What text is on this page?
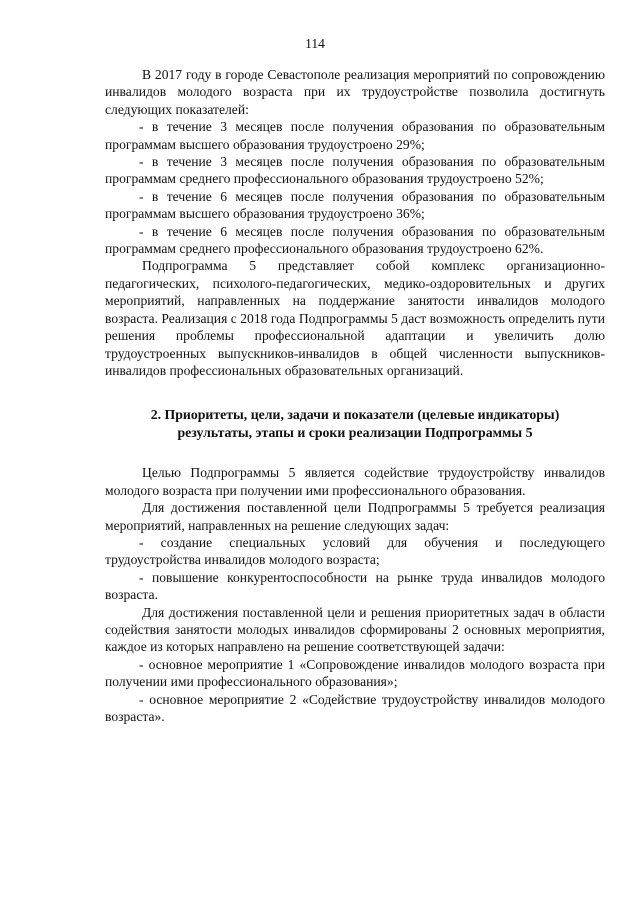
114

В 2017 году в городе Севастополе реализация мероприятий по сопровождению инвалидов молодого возраста при их трудоустройстве позволила достигнуть следующих показателей:

- в течение 3 месяцев после получения образования по образовательным программам высшего образования трудоустроено 29%;

- в течение 3 месяцев после получения образования по образовательным программам среднего профессионального образования трудоустроено 52%;

- в течение 6 месяцев после получения образования по образовательным программам высшего образования трудоустроено 36%;

- в течение 6 месяцев после получения образования по образовательным программам среднего профессионального образования трудоустроено 62%.

Подпрограмма 5 представляет собой комплекс организационно-педагогических, психолого-педагогических, медико-оздоровительных и других мероприятий, направленных на поддержание занятости инвалидов молодого возраста. Реализация с 2018 года Подпрограммы 5 даст возможность определить пути решения проблемы профессиональной адаптации и увеличить долю трудоустроенных выпускников-инвалидов в общей численности выпускников-инвалидов профессиональных образовательных организаций.

2. Приоритеты, цели, задачи и показатели (целевые индикаторы)
результаты, этапы и сроки реализации Подпрограммы 5

Целью Подпрограммы 5 является содействие трудоустройству инвалидов молодого возраста при получении ими профессионального образования.

Для достижения поставленной цели Подпрограммы 5 требуется реализация мероприятий, направленных на решение следующих задач:

- создание специальных условий для обучения и последующего трудоустройства инвалидов молодого возраста;

- повышение конкурентоспособности на рынке труда инвалидов молодого возраста.

Для достижения поставленной цели и решения приоритетных задач в области содействия занятости молодых инвалидов сформированы 2 основных мероприятия, каждое из которых направлено на решение соответствующей задачи:

- основное мероприятие 1 «Сопровождение инвалидов молодого возраста при получении ими профессионального образования»;

- основное мероприятие 2 «Содействие трудоустройству инвалидов молодого возраста».
